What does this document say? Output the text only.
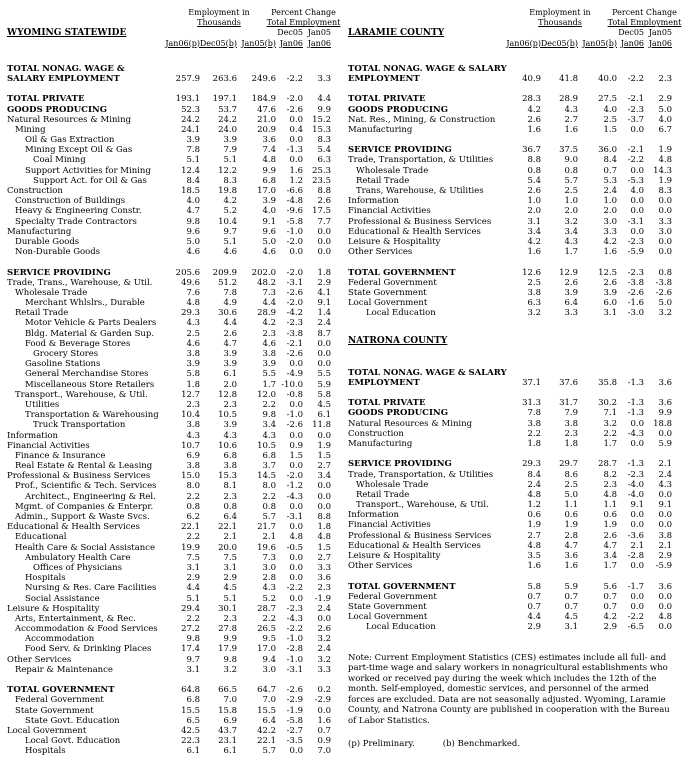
Employment in	Percent Change
Thousands	Total Employment
WYOMING STATEWIDE	Dec05 Jan05
Jan06(p) Dec05(b) Jan05(b) Jan06 Jan06
TOTAL NONAG. WAGE &
SALARY EMPLOYMENT	257.9	263.6	249.6	-2.2	3.3
TOTAL PRIVATE	193.1	197.1	184.9	-2.0	4.4
GOODS PRODUCING	52.3	53.7	47.6	-2.6	9.9
Natural Resources & Mining	24.2	24.2	21.0	0.0	15.2
Mining	24.1	24.0	20.9	0.4	15.3
Oil & Gas Extraction	3.9	3.9	3.6	0.0	8.3
Mining Except Oil & Gas	7.8	7.9	7.4	-1.3	5.4
Coal Mining	5.1	5.1	4.8	0.0	6.3
Support Activities for Mining	12.4	12.2	9.9	1.6	25.3
Support Act. for Oil & Gas	8.4	8.3	6.8	1.2	23.5
Construction	18.5	19.8	17.0	-6.6	8.8
Construction of Buildings	4.0	4.2	3.9	-4.8	2.6
Heavy & Engineering Constr.	4.7	5.2	4.0	-9.6	17.5
Specialty Trade Contractors	9.8	10.4	9.1	-5.8	7.7
Manufacturing	9.6	9.7	9.6	-1.0	0.0
Durable Goods	5.0	5.1	5.0	-2.0	0.0
Non-Durable Goods	4.6	4.6	4.6	0.0	0.0
SERVICE PROVIDING	205.6	209.9	202.0	-2.0	1.8
Trade, Trans., Warehouse, & Util.	49.6	51.2	48.2	-3.1	2.9
Wholesale Trade	7.6	7.8	7.3	-2.6	4.1
Merchant Whlslrs., Durable	4.8	4.9	4.4	-2.0	9.1
Retail Trade	29.3	30.6	28.9	-4.2	1.4
Motor Vehicle & Parts Dealers	4.3	4.4	4.2	-2.3	2.4
Bldg. Material & Garden Sup.	2.5	2.6	2.3	-3.8	8.7
Food & Beverage Stores	4.6	4.7	4.6	-2.1	0.0
Grocery Stores	3.8	3.9	3.8	-2.6	0.0
Gasoline Stations	3.9	3.9	3.9	0.0	0.0
General Merchandise Stores	5.8	6.1	5.5	-4.9	5.5
Miscellaneous Store Retailers	1.8	2.0	1.7 -10.0	5.9
Transport., Warehouse, & Util.	12.7	12.8	12.0	-0.8	5.8
Utilities	2.3	2.3	2.2	0.0	4.5
Transportation & Warehousing	10.4	10.5	9.8	-1.0	6.1
Truck Transportation	3.8	3.9	3.4	-2.6	11.8
Information	4.3	4.3	4.3	0.0	0.0
Financial Activities	10.7	10.6	10.5	0.9	1.9
Finance & Insurance	6.9	6.8	6.8	1.5	1.5
Real Estate & Rental & Leasing	3.8	3.8	3.7	0.0	2.7
Professional & Business Services	15.0	15.3	14.5	-2.0	3.4
Prof., Scientific & Tech. Services	8.0	8.1	8.0	-1.2	0.0
Architect., Engineering & Rel.	2.2	2.3	2.2	-4.3	0.0
Mgmt. of Companies & Enterpr.	0.8	0.8	0.8	0.0	0.0
Admin., Support & Waste Svcs.	6.2	6.4	5.7	-3.1	8.8
Educational & Health Services	22.1	22.1	21.7	0.0	1.8
Educational	2.2	2.1	2.1	4.8	4.8
Health Care & Social Assistance	19.9	20.0	19.6	-0.5	1.5
Ambulatory Health Care	7.5	7.5	7.3	0.0	2.7
Offices of Physicians	3.1	3.1	3.0	0.0	3.3
Hospitals	2.9	2.9	2.8	0.0	3.6
Nursing & Res. Care Facilities	4.4	4.5	4.3	-2.2	2.3
Social Assistance	5.1	5.1	5.2	0.0	-1.9
Leisure & Hospitality	29.4	30.1	28.7	-2.3	2.4
Arts, Entertainment, & Rec.	2.2	2.3	2.2	-4.3	0.0
Accommodation & Food Services	27.2	27.8	26.5	-2.2	2.6
Accommodation	9.8	9.9	9.5	-1.0	3.2
Food Serv. & Drinking Places	17.4	17.9	17.0	-2.8	2.4
Other Services	9.7	9.8	9.4	-1.0	3.2
Repair & Maintenance	3.1	3.2	3.0	-3.1	3.3
TOTAL GOVERNMENT	64.8	66.5	64.7	-2.6	0.2
Federal Government	6.8	7.0	7.0	-2.9	-2.9
State Government	15.5	15.8	15.5	-1.9	0.0
State Govt. Education	6.5	6.9	6.4	-5.8	1.6
Local Government	42.5	43.7	42.2	-2.7	0.7
Local Govt. Education	22.3	23.1	22.1	-3.5	0.9
Hospitals	6.1	6.1	5.7	0.0	7.0
Employment in	Percent Change
Thousands	Total Employment
LARAMIE COUNTY	Dec05 Jan05
Jan06(p) Dec05(b) Jan05(b) Jan06 Jan06
TOTAL NONAG. WAGE & SALARY
EMPLOYMENT	40.9	41.8	40.0	-2.2	2.3
TOTAL PRIVATE	28.3	28.9	27.5	-2.1	2.9
GOODS PRODUCING	4.2	4.3	4.0	-2.3	5.0
Nat. Res., Mining, & Construction	2.6	2.7	2.5	-3.7	4.0
Manufacturing	1.6	1.6	1.5	0.0	6.7
SERVICE PROVIDING	36.7	37.5	36.0	-2.1	1.9
Trade, Transportation, & Utilities	8.8	9.0	8.4	-2.2	4.8
Wholesale Trade	0.8	0.8	0.7	0.0	14.3
Retail Trade	5.4	5.7	5.3	-5.3	1.9
Trans, Warehouse, & Utilities	2.6	2.5	2.4	4.0	8.3
Information	1.0	1.0	1.0	0.0	0.0
Financial Activities	2.0	2.0	2.0	0.0	0.0
Professional & Business Services	3.1	3.2	3.0	-3.1	3.3
Educational & Health Services	3.4	3.4	3.3	0.0	3.0
Leisure & Hospitality	4.2	4.3	4.2	-2.3	0.0
Other Services	1.6	1.7	1.6	-5.9	0.0
TOTAL GOVERNMENT	12.6	12.9	12.5	-2.3	0.8
Federal Government	2.5	2.6	2.6	-3.8	-3.8
State Government	3.8	3.9	3.9	-2.6	-2.6
Local Government	6.3	6.4	6.0	-1.6	5.0
Local Education	3.2	3.3	3.1	-3.0	3.2
NATRONA COUNTY
TOTAL NONAG. WAGE & SALARY
EMPLOYMENT	37.1	37.6	35.8	-1.3	3.6
TOTAL PRIVATE	31.3	31.7	30.2	-1.3	3.6
GOODS PRODUCING	7.8	7.9	7.1	-1.3	9.9
Natural Resources & Mining	3.8	3.8	3.2	0.0	18.8
Construction	2.2	2.3	2.2	-4.3	0.0
Manufacturing	1.8	1.8	1.7	0.0	5.9
SERVICE PROVIDING	29.3	29.7	28.7	-1.3	2.1
Trade, Transportation, & Utilities	8.4	8.6	8.2	-2.3	2.4
Wholesale Trade	2.4	2.5	2.3	-4.0	4.3
Retail Trade	4.8	5.0	4.8	-4.0	0.0
Transport., Warehouse, & Util.	1.2	1.1	1.1	9.1	9.1
Information	0.6	0.6	0.6	0.0	0.0
Financial Activities	1.9	1.9	1.9	0.0	0.0
Professional & Business Services	2.7	2.8	2.6	-3.6	3.8
Educational & Health Services	4.8	4.7	4.7	2.1	2.1
Leisure & Hospitality	3.5	3.6	3.4	-2.8	2.9
Other Services	1.6	1.6	1.7	0.0	-5.9
TOTAL GOVERNMENT	5.8	5.9	5.6	-1.7	3.6
Federal Government	0.7	0.7	0.7	0.0	0.0
State Government	0.7	0.7	0.7	0.0	0.0
Local Government	4.4	4.5	4.2	-2.2	4.8
Local Education	2.9	3.1	2.9	-6.5	0.0
Note: Current Employment Statistics (CES) estimates include all full- and part-time wage and salary workers in nonagricultural establishments who worked or received pay during the week which includes the 12th of the month. Self-employed, domestic services, and personnel of the armed forces are excluded. Data are not seasonally adjusted. Wyoming, Laramie County, and Natrona County are published in cooperation with the Bureau of Labor Statistics.
(p) Preliminary.	(b) Benchmarked.
